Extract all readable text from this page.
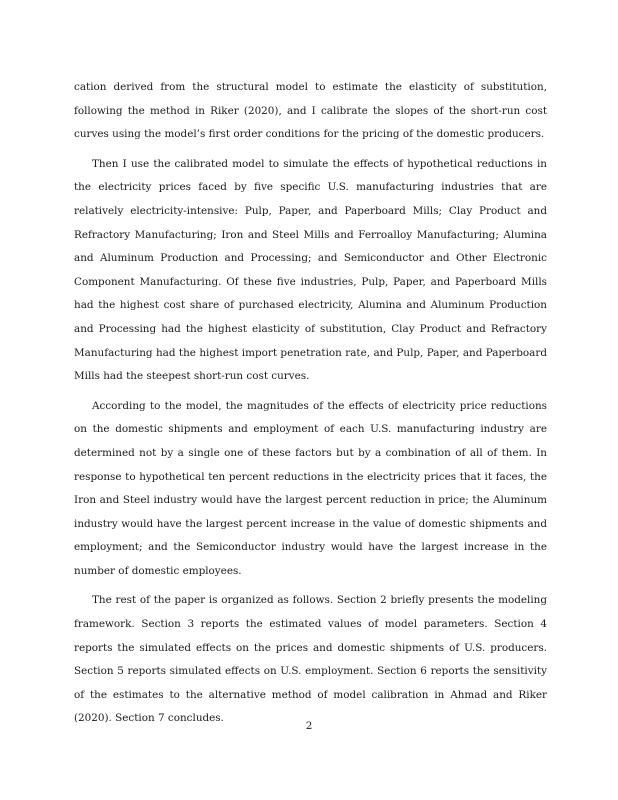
cation derived from the structural model to estimate the elasticity of substitution, following the method in Riker (2020), and I calibrate the slopes of the short-run cost curves using the model’s first order conditions for the pricing of the domestic producers.

Then I use the calibrated model to simulate the effects of hypothetical reductions in the electricity prices faced by five specific U.S. manufacturing industries that are relatively electricity-intensive: Pulp, Paper, and Paperboard Mills; Clay Product and Refractory Manufacturing; Iron and Steel Mills and Ferroalloy Manufacturing; Alumina and Aluminum Production and Processing; and Semiconductor and Other Electronic Component Manufacturing. Of these five industries, Pulp, Paper, and Paperboard Mills had the highest cost share of purchased electricity, Alumina and Aluminum Production and Processing had the highest elasticity of substitution, Clay Product and Refractory Manufacturing had the highest import penetration rate, and Pulp, Paper, and Paperboard Mills had the steepest short-run cost curves.

According to the model, the magnitudes of the effects of electricity price reductions on the domestic shipments and employment of each U.S. manufacturing industry are determined not by a single one of these factors but by a combination of all of them. In response to hypothetical ten percent reductions in the electricity prices that it faces, the Iron and Steel industry would have the largest percent reduction in price; the Aluminum industry would have the largest percent increase in the value of domestic shipments and employment; and the Semiconductor industry would have the largest increase in the number of domestic employees.

The rest of the paper is organized as follows. Section 2 briefly presents the modeling framework. Section 3 reports the estimated values of model parameters. Section 4 reports the simulated effects on the prices and domestic shipments of U.S. producers. Section 5 reports simulated effects on U.S. employment. Section 6 reports the sensitivity of the estimates to the alternative method of model calibration in Ahmad and Riker (2020). Section 7 concludes.

2
